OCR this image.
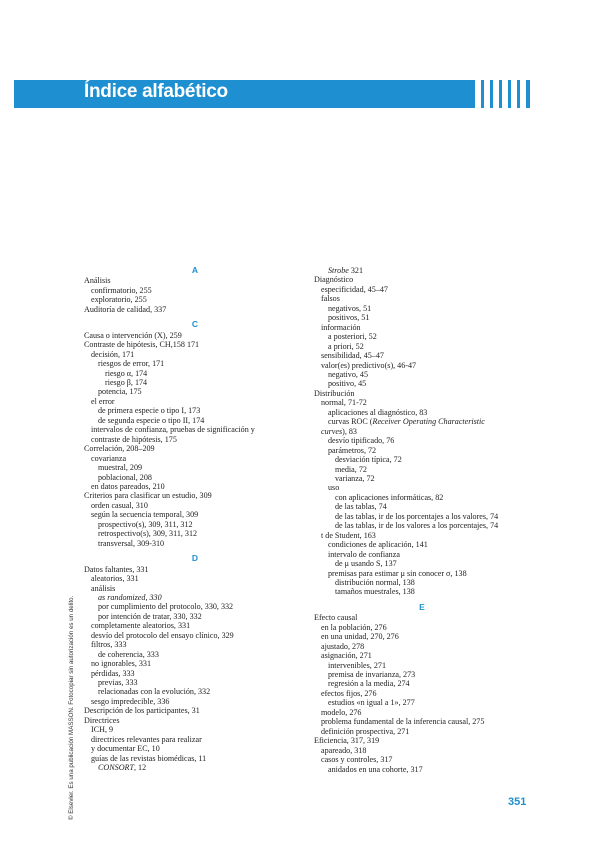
Índice alfabético
© Elsevier. Es una publicación MASSON. Fotocopiar sin autorización es un delito.
A
Análisis
confirmatorio, 255
exploratorio, 255
Auditoría de calidad, 337
C
Causa o intervención (X), 259
Contraste de hipótesis, CH,158 171
decisión, 171
riesgos de error, 171
riesgo α, 174
riesgo β, 174
potencia, 175
el error
de primera especie o tipo I, 173
de segunda especie o tipo II, 174
intervalos de confianza, pruebas de significación y
contraste de hipótesis, 175
Correlación, 208–209
covarianza
muestral, 209
poblacional, 208
en datos pareados, 210
Criterios para clasificar un estudio, 309
orden casual, 310
según la secuencia temporal, 309
prospectivo(s), 309, 311, 312
retrospectivo(s), 309, 311, 312
transversal, 309-310
D
Datos faltantes, 331
aleatorios, 331
análisis
as randomized, 330
por cumplimiento del protocolo, 330, 332
por intención de tratar, 330, 332
completamente aleatorios, 331
desvío del protocolo del ensayo clínico, 329
filtros, 333
de coherencia, 333
no ignorables, 331
pérdidas, 333
previas, 333
relacionadas con la evolución, 332
sesgo impredecible, 336
Descripción de los participantes, 31
Directrices
ICH, 9
directrices relevantes para realizar
y documentar EC, 10
guías de las revistas biomédicas, 11
CONSORT, 12
Strobe 321
Diagnóstico
especificidad, 45–47
falsos
negativos, 51
positivos, 51
información
a posteriori, 52
a priori, 52
sensibilidad, 45–47
valor(es) predictivo(s), 46-47
negativo, 45
positivo, 45
Distribución
normal, 71-72
aplicaciones al diagnóstico, 83
curvas ROC (Receiver Operating Characteristic
curves), 83
desvío tipificado, 76
parámetros, 72
desviación típica, 72
media, 72
varianza, 72
uso
con aplicaciones informáticas, 82
de las tablas, 74
de las tablas, ir de los porcentajes a los valores, 74
de las tablas, ir de los valores a los porcentajes, 74
t de Student, 163
condiciones de aplicación, 141
intervalo de confianza
de μ usando S, 137
premisas para estimar μ sin conocer σ, 138
distribución normal, 138
tamaños muestrales, 138
E
Efecto causal
en la población, 276
en una unidad, 270, 276
ajustado, 278
asignación, 271
intervenibles, 271
premisa de invarianza, 273
regresión a la media, 274
efectos fijos, 276
estudios «n igual a 1», 277
modelo, 276
problema fundamental de la inferencia causal, 275
definición prospectiva, 271
Eficiencia, 317, 319
apareado, 318
casos y controles, 317
anidados en una cohorte, 317
351
